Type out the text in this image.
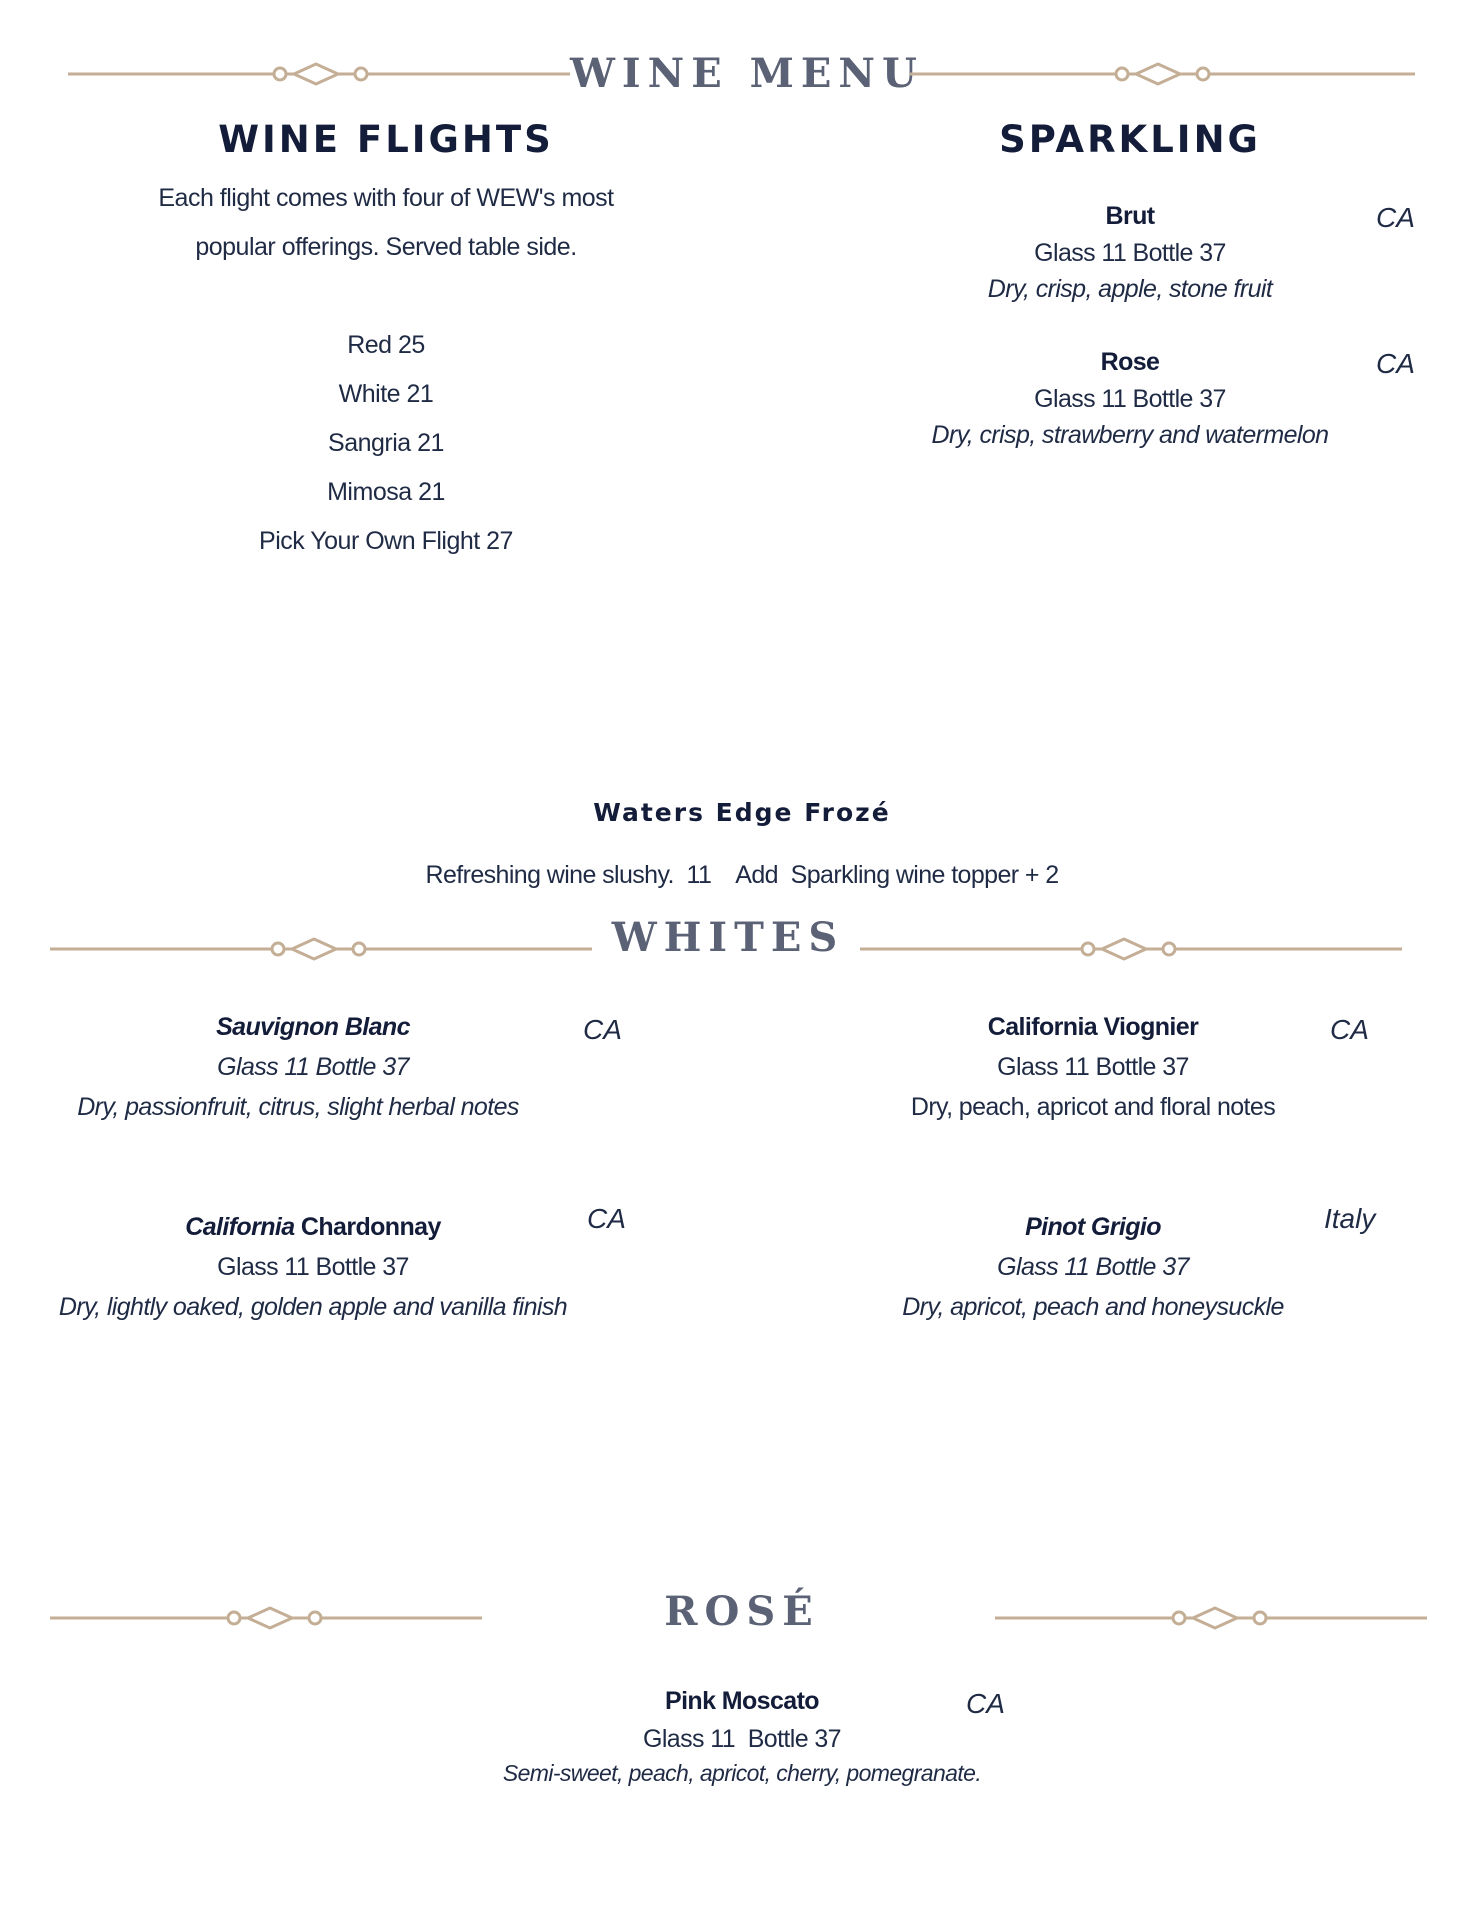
WINE MENU
WINE FLIGHTS
Each flight comes with four of WEW's most
popular offerings. Served table side.
Red 25
White 21
Sangria 21
Mimosa 21
Pick Your Own Flight 27
SPARKLING
Brut	CA
Glass 11 Bottle 37
Dry, crisp, apple, stone fruit
Rose	CA
Glass 11 Bottle 37
Dry, crisp, strawberry and watermelon
Waters Edge Frozé
Refreshing wine slushy.  11    Add  Sparkling wine topper + 2
WHITES
Sauvignon Blanc	CA
Glass 11 Bottle 37
Dry, passionfruit, citrus, slight herbal notes
California Viognier	CA
Glass 11 Bottle 37
Dry, peach, apricot and floral notes
California Chardonnay	CA
Glass 11 Bottle 37
Dry, lightly oaked, golden apple and vanilla finish
Pinot Grigio	Italy
Glass 11 Bottle 37
Dry, apricot, peach and honeysuckle
ROSÉ
Pink Moscato	CA
Glass 11  Bottle 37
Semi-sweet, peach, apricot, cherry, pomegranate.
